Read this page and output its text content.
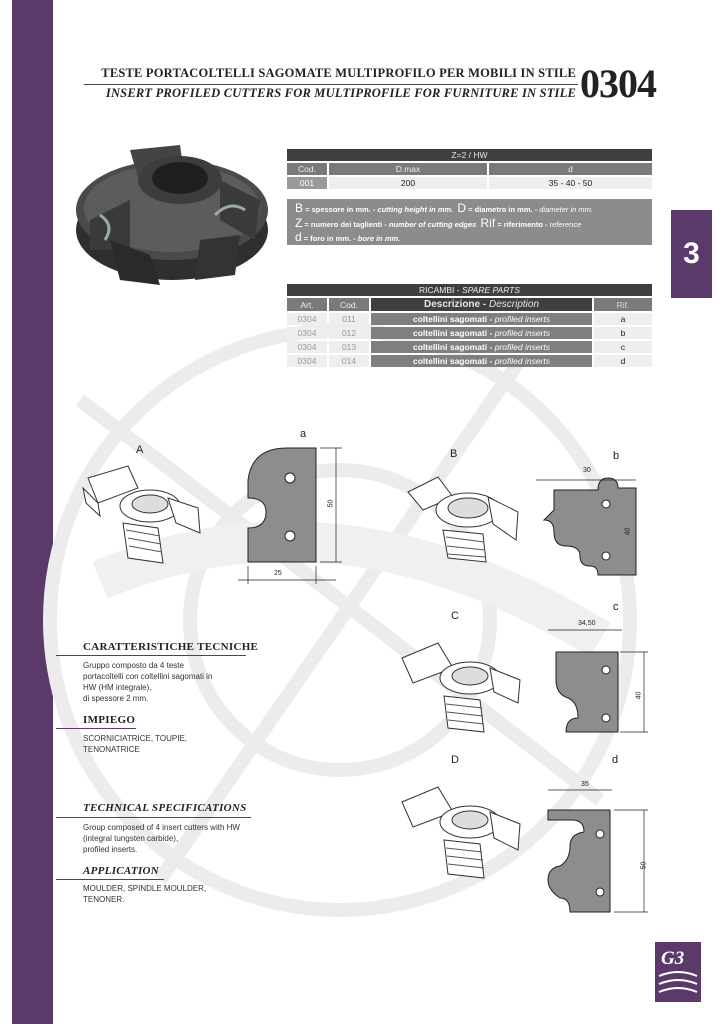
3
TESTE PORTACOLTELLI SAGOMATE MULTIPROFILO PER MOBILI IN STILE
INSERT PROFILED CUTTERS FOR MULTIPROFILE FOR FURNITURE IN STILE 0304
Z=2 / HW		
Cod.	D.max	d
001	200	35 - 40 - 50
B = spessore in mm. - cutting height in mm. D = diametro in mm. - diameter in mm.
Z = numero dei taglienti - number of cutting edges Rif = riferimento - reference
d = foro in mm. - bore in mm.
RICAMBI - SPARE PARTS			
Art.	Cod.	Descrizione - Description	Rif.
0304	011	coltellini sagomati - profiled inserts	a
0304	012	coltellini sagomati - profiled inserts	b
0304	013	coltellini sagomati - profiled inserts	c
0304	014	coltellini sagomati - profiled inserts	d
A
a
B	b
C
c
D	d
50
25
30
40
34,50
40
35
50
CARATTERISTICHE TECNICHE
Gruppo composto da 4 teste
portacoltelli con coltellini sagomati in
HW (HM integrale),
di spessore 2 mm.
IMPIEGO
SCORNICIATRICE, TOUPIE,
TENONATRICE
TECHNICAL SPECIFICATIONS
Group composed of 4 insert cutters with HW
(integral tungsten carbide),
profiled inserts.
APPLICATION
MOULDER, SPINDLE MOULDER,
TENONER.
G3
